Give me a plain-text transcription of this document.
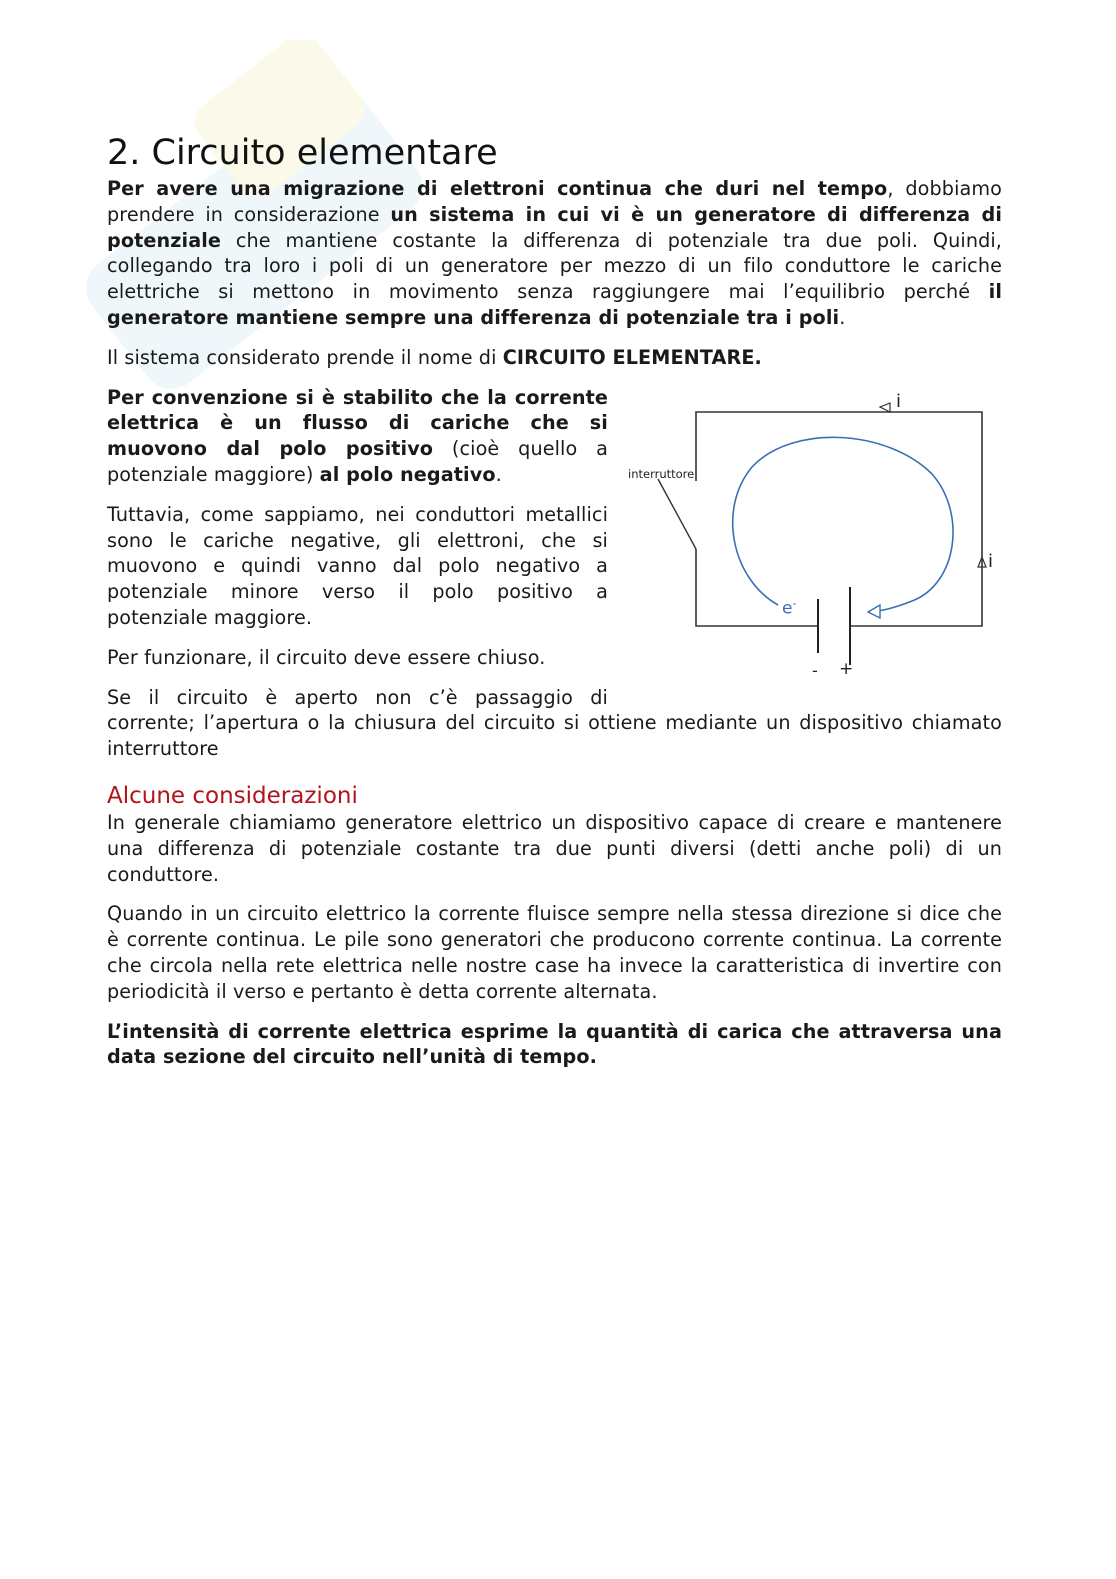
2. Circuito elementare

Per avere una migrazione di elettroni continua che duri nel tempo, dobbiamo prendere in considerazione un sistema in cui vi è un generatore di differenza di potenziale che mantiene costante la differenza di potenziale tra due poli. Quindi, collegando tra loro i poli di un generatore per mezzo di un filo conduttore le cariche elettriche si mettono in movimento senza raggiungere mai l’equilibrio perché il generatore mantiene sempre una differenza di potenziale tra i poli.

Il sistema considerato prende il nome di CIRCUITO ELEMENTARE.

interruttore
i
i
e-
- +

Per convenzione si è stabilito che la corrente elettrica è un flusso di cariche che si muovono dal polo positivo (cioè quello a potenziale maggiore) al polo negativo.

Tuttavia, come sappiamo, nei conduttori metallici sono le cariche negative, gli elettroni, che si muovono e quindi vanno dal polo negativo a potenziale minore verso il polo positivo a potenziale maggiore.

Per funzionare, il circuito deve essere chiuso.

Se il circuito è aperto non c’è passaggio di corrente; l’apertura o la chiusura del circuito si ottiene mediante un dispositivo chiamato interruttore

Alcune considerazioni

In generale chiamiamo generatore elettrico un dispositivo capace di creare e mantenere una differenza di potenziale costante tra due punti diversi (detti anche poli) di un conduttore.

Quando in un circuito elettrico la corrente fluisce sempre nella stessa direzione si dice che è corrente continua. Le pile sono generatori che producono corrente continua. La corrente che circola nella rete elettrica nelle nostre case ha invece la caratteristica di invertire con periodicità il verso e pertanto è detta corrente alternata.

L’intensità di corrente elettrica esprime la quantità di carica che attraversa una data sezione del circuito nell’unità di tempo.
